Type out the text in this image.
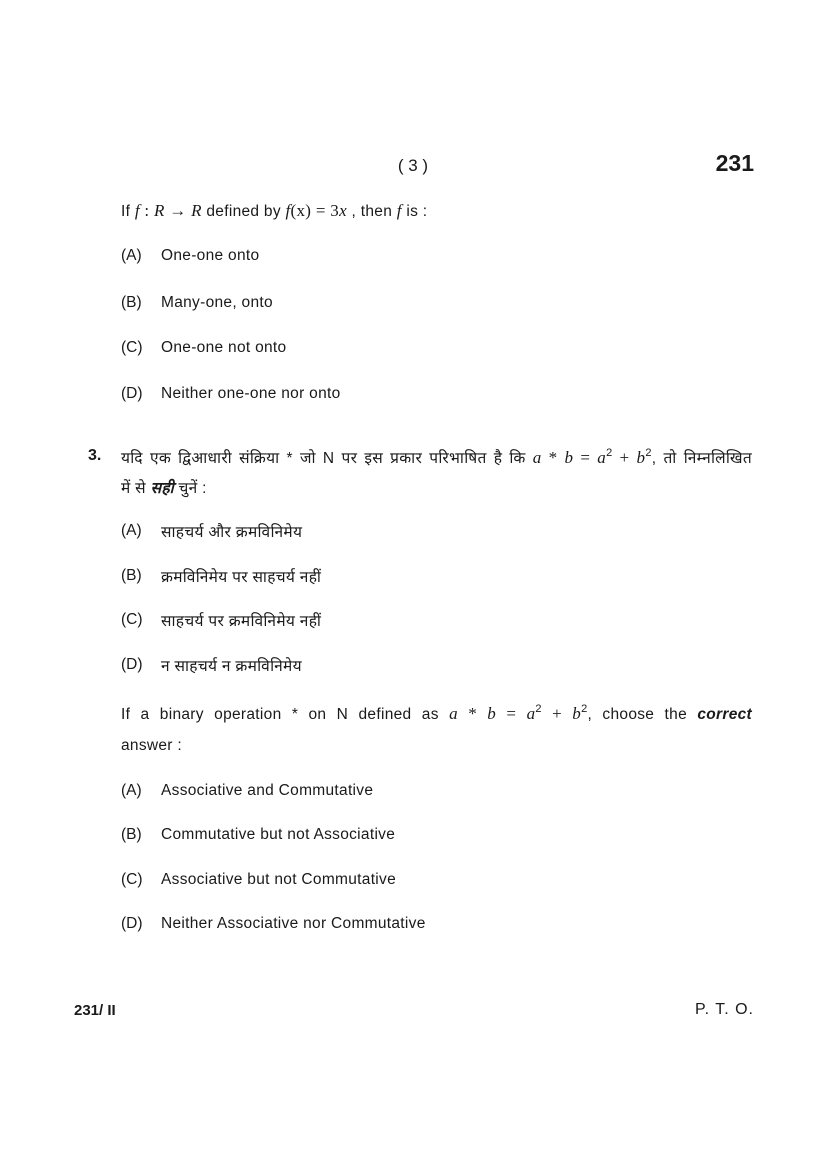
( 3 )	231
If f : R → R defined by f(x) = 3x , then f is :
(A) One-one onto
(B) Many-one, onto
(C) One-one not onto
(D) Neither one-one nor onto
3. यदि एक द्विआधारी संक्रिया * जो N पर इस प्रकार परिभाषित है कि $a * b = a^2 + b^2$, तो निम्नलिखित
में से सही चुनें :
(A) साहचर्य और क्रमविनिमेय
(B) क्रमविनिमेय पर साहचर्य नहीं
(C) साहचर्य पर क्रमविनिमेय नहीं
(D) न साहचर्य न क्रमविनिमेय
If a binary operation * on N defined as $a * b = a^2 + b^2$, choose the correct
answer :
(A) Associative and Commutative
(B) Commutative but not Associative
(C) Associative but not Commutative
(D) Neither Associative nor Commutative
231/ II	P. T. O.
